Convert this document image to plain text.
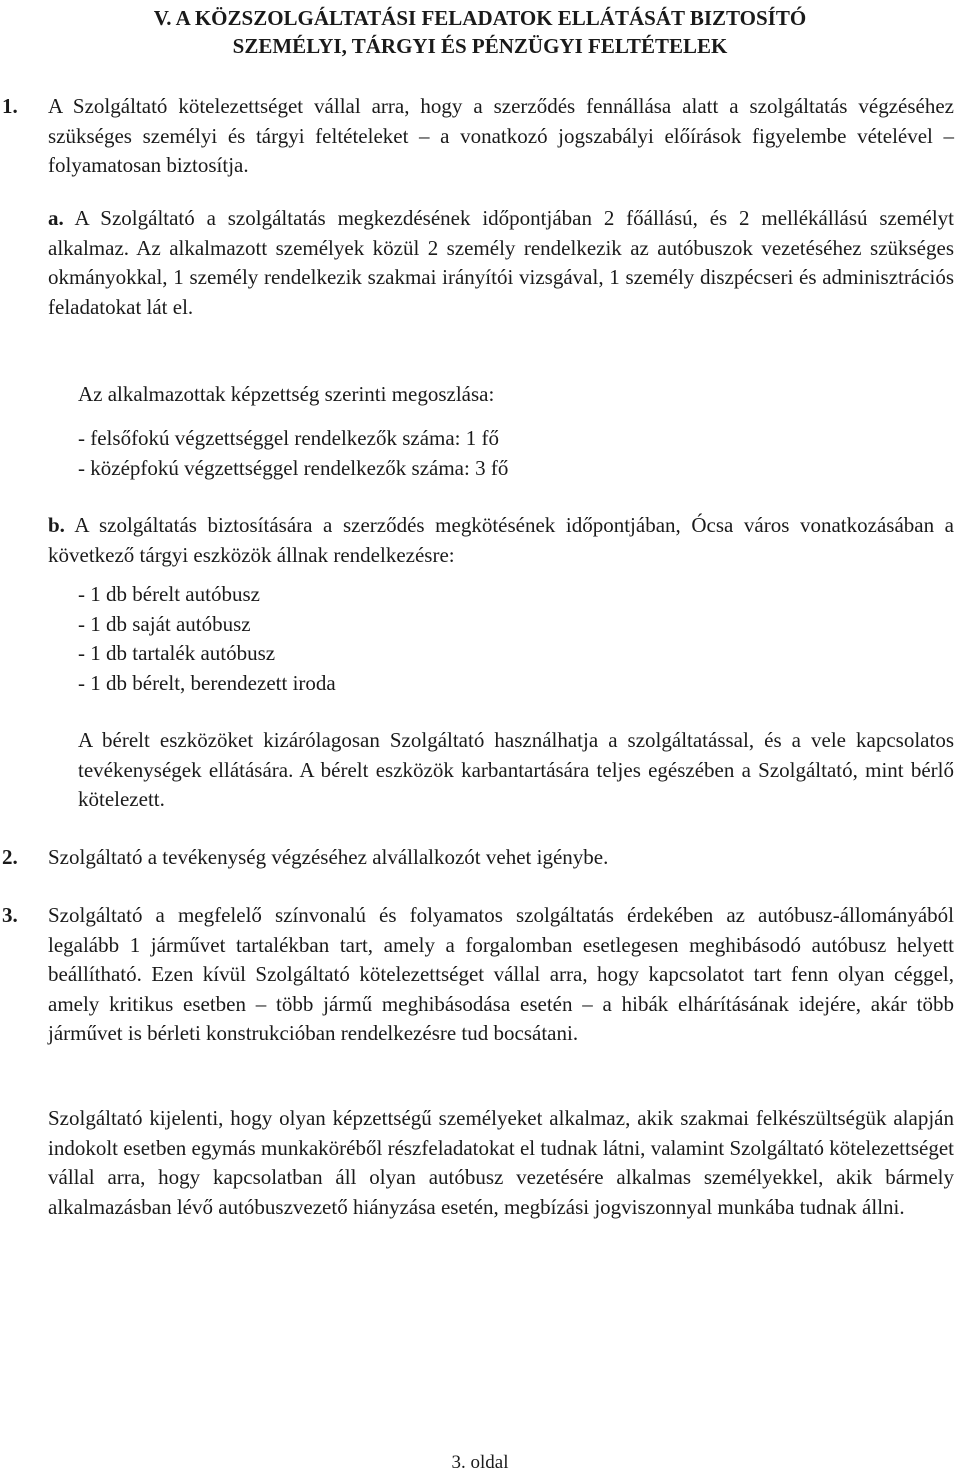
V. A KÖZSZOLGÁLTATÁSI FELADATOK ELLÁTÁSÁT BIZTOSÍTÓ
SZEMÉLYI, TÁRGYI ÉS PÉNZÜGYI FELTÉTELEK
1. A Szolgáltató kötelezettséget vállal arra, hogy a szerződés fennállása alatt a szolgáltatás végzéséhez szükséges személyi és tárgyi feltételeket – a vonatkozó jogszabályi előírások figyelembe vételével – folyamatosan biztosítja.
a. A Szolgáltató a szolgáltatás megkezdésének időpontjában 2 főállású, és 2 mellékállású személyt alkalmaz. Az alkalmazott személyek közül 2 személy rendelkezik az autóbuszok vezetéséhez szükséges okmányokkal, 1 személy rendelkezik szakmai irányítói vizsgával, 1 személy diszpécseri és adminisztrációs feladatokat lát el.
Az alkalmazottak képzettség szerinti megoszlása:
- felsőfokú végzettséggel rendelkezők száma: 1 fő
- középfokú végzettséggel rendelkezők száma: 3 fő
b. A szolgáltatás biztosítására a szerződés megkötésének időpontjában, Ócsa város vonatkozásában a következő tárgyi eszközök állnak rendelkezésre:
- 1 db bérelt autóbusz
- 1 db saját autóbusz
- 1 db tartalék autóbusz
- 1 db bérelt, berendezett iroda
A bérelt eszközöket kizárólagosan Szolgáltató használhatja a szolgáltatással, és a vele kapcsolatos tevékenységek ellátására. A bérelt eszközök karbantartására teljes egészében a Szolgáltató, mint bérlő kötelezett.
2. Szolgáltató a tevékenység végzéséhez alvállalkozót vehet igénybe.
3. Szolgáltató a megfelelő színvonalú és folyamatos szolgáltatás érdekében az autóbusz-állományából legalább 1 járművet tartalékban tart, amely a forgalomban esetlegesen meghibásodó autóbusz helyett beállítható. Ezen kívül Szolgáltató kötelezettséget vállal arra, hogy kapcsolatot tart fenn olyan céggel, amely kritikus esetben – több jármű meghibásodása esetén – a hibák elhárításának idejére, akár több járművet is bérleti konstrukcióban rendelkezésre tud bocsátani.
Szolgáltató kijelenti, hogy olyan képzettségű személyeket alkalmaz, akik szakmai felkészültségük alapján indokolt esetben egymás munkaköréből részfeladatokat el tudnak látni, valamint Szolgáltató kötelezettséget vállal arra, hogy kapcsolatban áll olyan autóbusz vezetésére alkalmas személyekkel, akik bármely alkalmazásban lévő autóbuszvezető hiányzása esetén, megbízási jogviszonnyal munkába tudnak állni.
3. oldal
